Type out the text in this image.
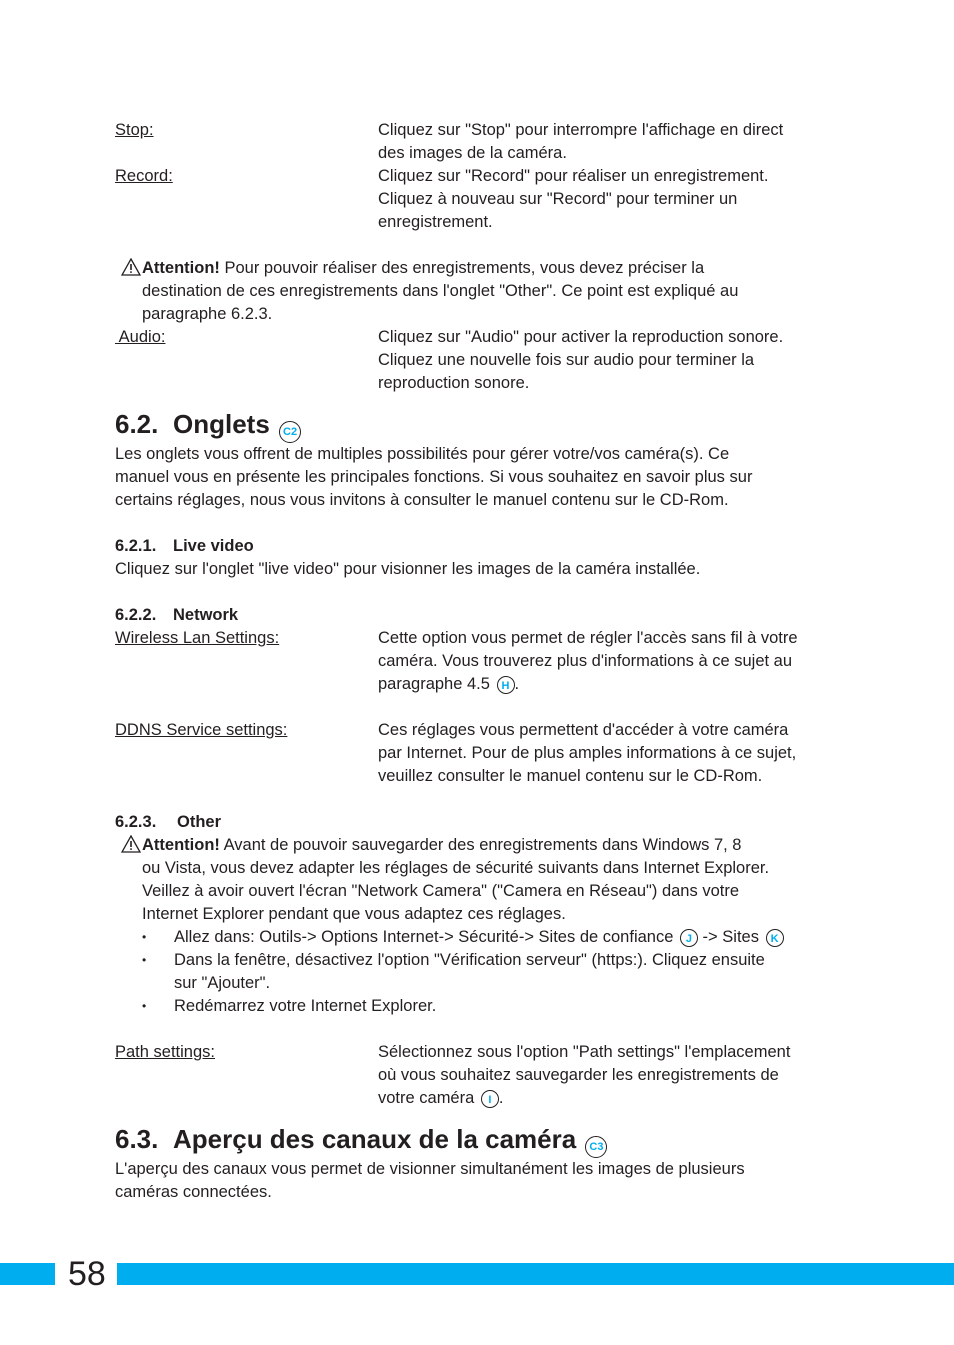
Stop:	Cliquez sur "Stop" pour interrompre l'affichage en direct
des images de la caméra.
Record:	Cliquez sur "Record" pour réaliser un enregistrement.
Cliquez à nouveau sur "Record" pour terminer un
enregistrement.
Attention! Pour pouvoir réaliser des enregistrements, vous devez préciser la
destination de ces enregistrements dans l'onglet "Other". Ce point est expliqué au
paragraphe 6.2.3.
Audio:	Cliquez sur "Audio" pour activer la reproduction sonore.
Cliquez une nouvelle fois sur audio pour terminer la
reproduction sonore.
6.2. Onglets C2
Les onglets vous offrent de multiples possibilités pour gérer votre/vos caméra(s). Ce
manuel vous en présente les principales fonctions. Si vous souhaitez en savoir plus sur
certains réglages, nous vous invitons à consulter le manuel contenu sur le CD-Rom.
6.2.1. Live video
Cliquez sur l'onglet "live video" pour visionner les images de la caméra installée.
6.2.2. Network
Wireless Lan Settings:	Cette option vous permet de régler l'accès sans fil à votre
caméra. Vous trouverez plus d'informations à ce sujet au
paragraphe 4.5 H .
DDNS Service settings:	Ces réglages vous permettent d'accéder à votre caméra
par Internet. Pour de plus amples informations à ce sujet,
veuillez consulter le manuel contenu sur le CD-Rom.
6.2.3. Other
Attention! Avant de pouvoir sauvegarder des enregistrements dans Windows 7, 8
ou Vista, vous devez adapter les réglages de sécurité suivants dans Internet Explorer.
Veillez à avoir ouvert l'écran "Network Camera" ("Camera en Réseau") dans votre
Internet Explorer pendant que vous adaptez ces réglages.
• Allez dans: Outils-> Options Internet-> Sécurité-> Sites de confiance J -> Sites K
• Dans la fenêtre, désactivez l'option "Vérification serveur" (https:). Cliquez ensuite
sur "Ajouter".
• Redémarrez votre Internet Explorer.
Path settings:	Sélectionnez sous l'option "Path settings" l'emplacement
où vous souhaitez sauvegarder les enregistrements de
votre caméra I .
6.3. Aperçu des canaux de la caméra C3
L'aperçu des canaux vous permet de visionner simultanément les images de plusieurs
caméras connectées.
58
